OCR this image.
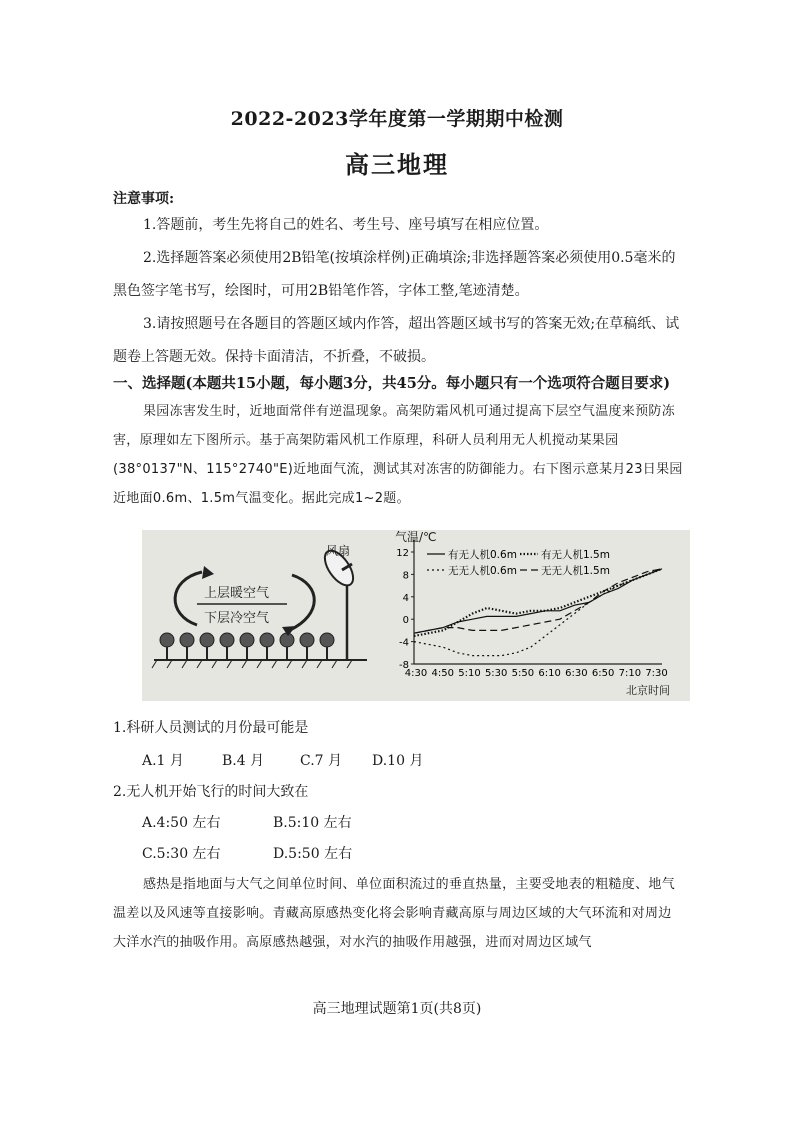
2022-2023学年度第一学期期中检测
高三地理
注意事项:
1.答题前，考生先将自己的姓名、考生号、座号填写在相应位置。
2.选择题答案必须使用2B铅笔(按填涂样例)正确填涂;非选择题答案必须使用0.5毫米的黑色签字笔书写，绘图时，可用2B铅笔作答，字体工整,笔迹清楚。
3.请按照题号在各题目的答题区域内作答，超出答题区域书写的答案无效;在草稿纸、试题卷上答题无效。保持卡面清洁，不折叠，不破损。
一、选择题(本题共15小题，每小题3分，共45分。每小题只有一个选项符合题目要求)
果园冻害发生时，近地面常伴有逆温现象。高架防霜风机可通过提高下层空气温度来预防冻害，原理如左下图所示。基于高架防霜风机工作原理，科研人员利用无人机搅动某果园(38°0137"N、115°2740"E)近地面气流，测试其对冻害的防御能力。右下图示意某月23日果园近地面0.6m、1.5m气温变化。据此完成1~2题。
12
8
4
0
-4
-8
4:30 4:50 5:10 5:30 5:50 6:10 6:30 6:50 7:10 7:30
有无人机0.6m 有无人机1.5m
无无人机0.6m 无无人机1.5m
风扇
上层暖空气
下层冷空气
气温/℃
北京时间
1.科研人员测试的月份最可能是
A.1 月	B.4 月	C.7 月 D.10 月
2.无人机开始飞行的时间大致在
A.4:50 左右	B.5:10 左右
C.5:30 左右	D.5:50 左右
感热是指地面与大气之间单位时间、单位面积流过的垂直热量，主要受地表的粗糙度、地气温差以及风速等直接影响。青藏高原感热变化将会影响青藏高原与周边区域的大气环流和对周边大洋水汽的抽吸作用。高原感热越强，对水汽的抽吸作用越强，进而对周边区域气
高三地理试题第1页(共8页)
